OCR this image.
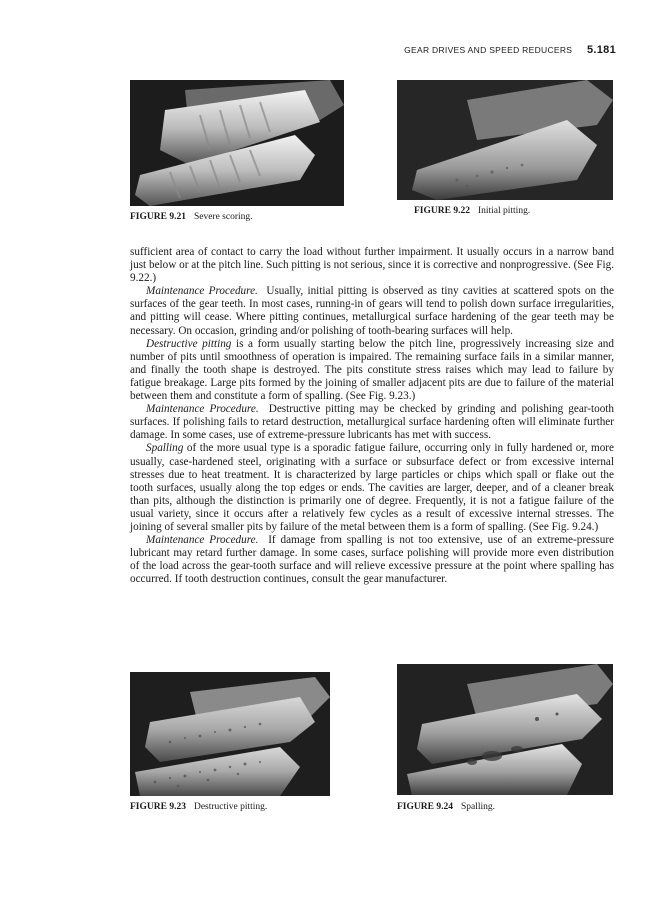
GEAR DRIVES AND SPEED REDUCERS 5.181
FIGURE 9.21 Severe scoring.
FIGURE 9.22 Initial pitting.

sufficient area of contact to carry the load without further impairment. It usually occurs in a narrow band just below or at the pitch line. Such pitting is not serious, since it is corrective and nonprogressive. (See Fig. 9.22.)

Maintenance Procedure. Usually, initial pitting is observed as tiny cavities at scattered spots on the surfaces of the gear teeth. In most cases, running-in of gears will tend to polish down surface irregularities, and pitting will cease. Where pitting continues, metallurgical surface hardening of the gear teeth may be necessary. On occasion, grinding and/or polishing of tooth-bearing surfaces will help.

Destructive pitting is a form usually starting below the pitch line, progressively increasing size and number of pits until smoothness of operation is impaired. The remaining surface fails in a similar manner, and finally the tooth shape is destroyed. The pits constitute stress raises which may lead to failure by fatigue breakage. Large pits formed by the joining of smaller adjacent pits are due to failure of the material between them and constitute a form of spalling. (See Fig. 9.23.)

Maintenance Procedure. Destructive pitting may be checked by grinding and polishing gear-tooth surfaces. If polishing fails to retard destruction, metallurgical surface hardening often will eliminate further damage. In some cases, use of extreme-pressure lubricants has met with success.

Spalling of the more usual type is a sporadic fatigue failure, occurring only in fully hardened or, more usually, case-hardened steel, originating with a surface or subsurface defect or from excessive internal stresses due to heat treatment. It is characterized by large particles or chips which spall or flake out the tooth surfaces, usually along the top edges or ends. The cavities are larger, deeper, and of a cleaner break than pits, although the distinction is primarily one of degree. Frequently, it is not a fatigue failure of the usual variety, since it occurs after a relatively few cycles as a result of excessive internal stresses. The joining of several smaller pits by failure of the metal between them is a form of spalling. (See Fig. 9.24.)

Maintenance Procedure. If damage from spalling is not too extensive, use of an extreme-pressure lubricant may retard further damage. In some cases, surface polishing will provide more even distribution of the load across the gear-tooth surface and will relieve excessive pressure at the point where spalling has occurred. If tooth destruction continues, consult the gear manufacturer.

FIGURE 9.23 Destructive pitting.	FIGURE 9.24 Spalling.
